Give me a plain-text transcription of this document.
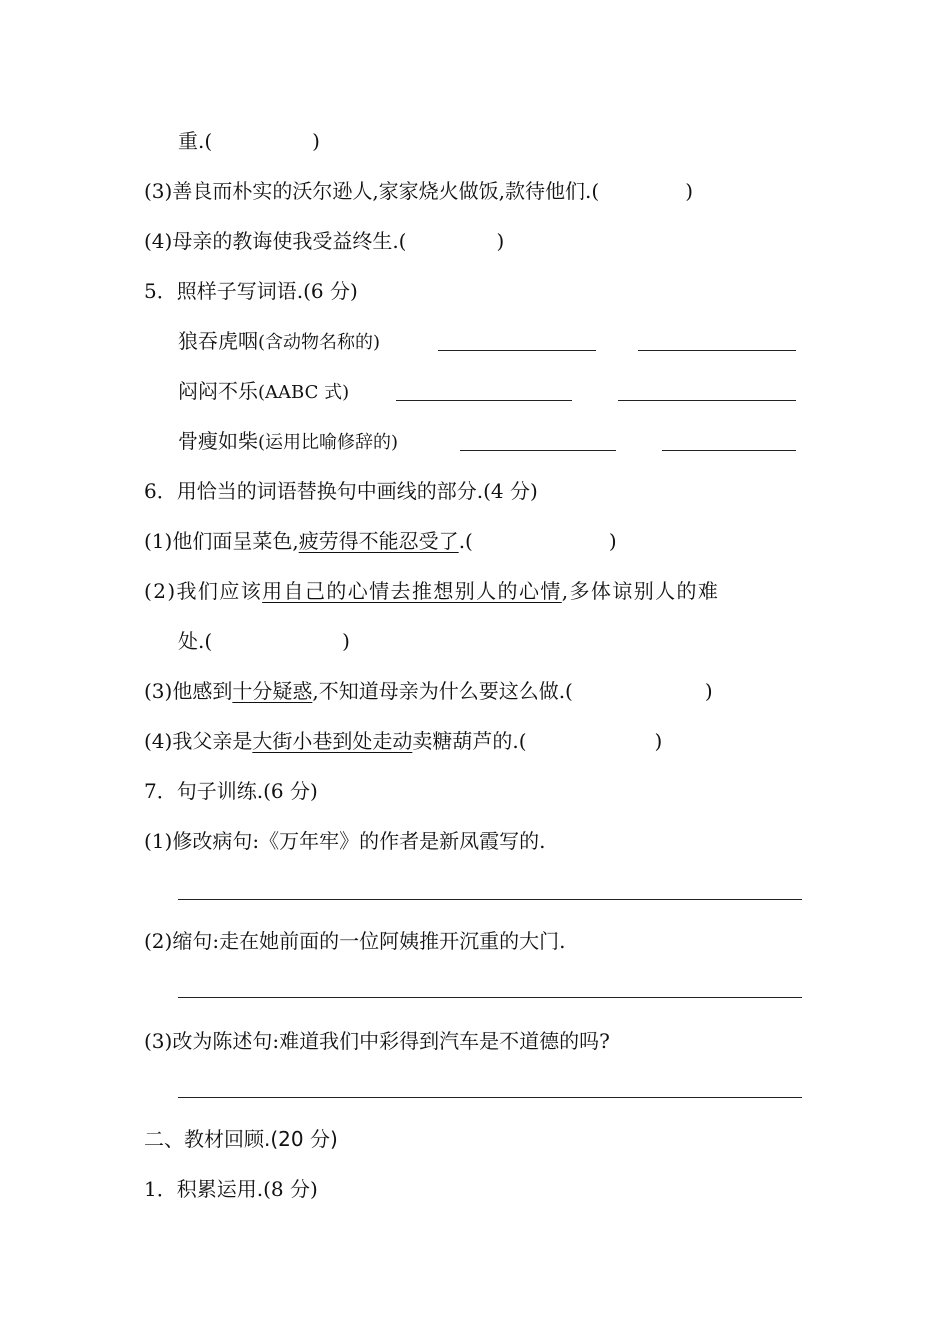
重.(	)
(3)善良而朴实的沃尔逊人,家家烧火做饭,款待他们.(	)
(4)母亲的教诲使我受益终生.(	)
5．照样子写词语.(6 分)
狼吞虎咽(含动物名称的)
闷闷不乐(AABC 式)
骨瘦如柴(运用比喻修辞的)
6．用恰当的词语替换句中画线的部分.(4 分)
(1)他们面呈菜色,疲劳得不能忍受了.(	)
(2)我们应该用自己的心情去推想别人的心情,多体谅别人的难
处.(	)
(3)他感到十分疑惑,不知道母亲为什么要这么做.(	)
(4)我父亲是大街小巷到处走动卖糖葫芦的.(	)
7．句子训练.(6 分)
(1)修改病句:《万年牢》的作者是新凤霞写的.
(2)缩句:走在她前面的一位阿姨推开沉重的大门.
(3)改为陈述句:难道我们中彩得到汽车是不道德的吗?
二、教材回顾.(20 分)
1．积累运用.(8 分)
